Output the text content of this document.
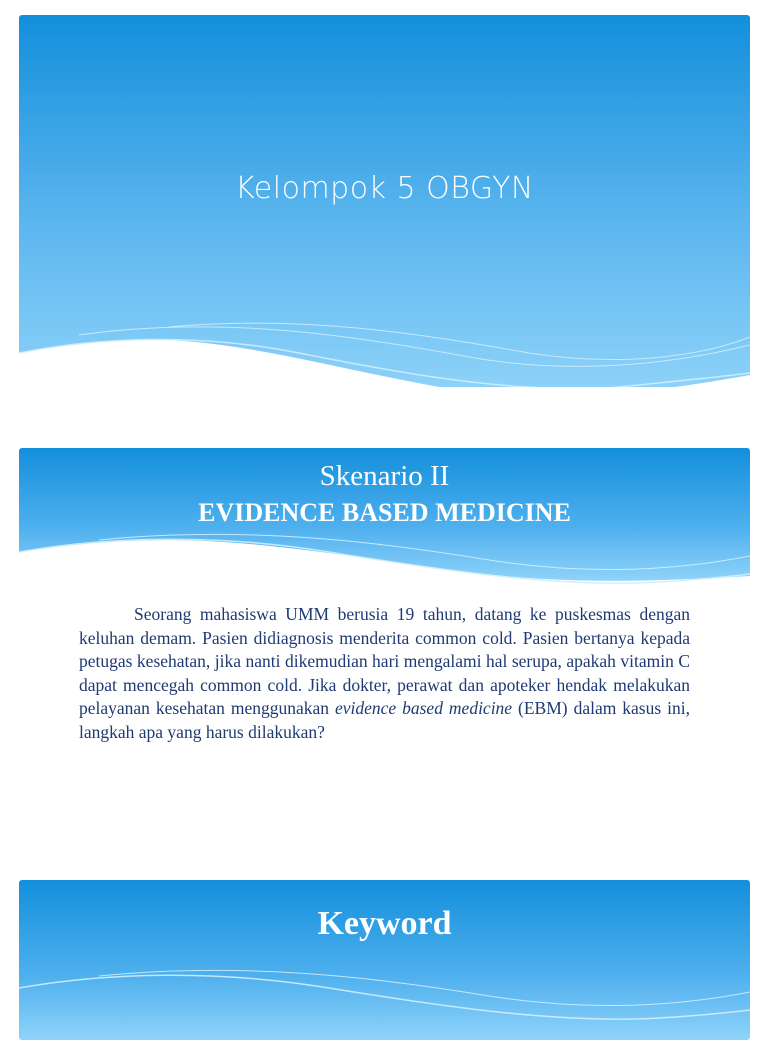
Kelompok 5 OBGYN
Skenario II
EVIDENCE BASED MEDICINE

Seorang mahasiswa UMM berusia 19 tahun, datang ke puskesmas dengan keluhan demam. Pasien didiagnosis menderita common cold. Pasien bertanya kepada petugas kesehatan, jika nanti dikemudian hari mengalami hal serupa, apakah vitamin C dapat mencegah common cold. Jika dokter, perawat dan apoteker hendak melakukan pelayanan kesehatan menggunakan evidence based medicine (EBM) dalam kasus ini, langkah apa yang harus dilakukan?

Keyword
